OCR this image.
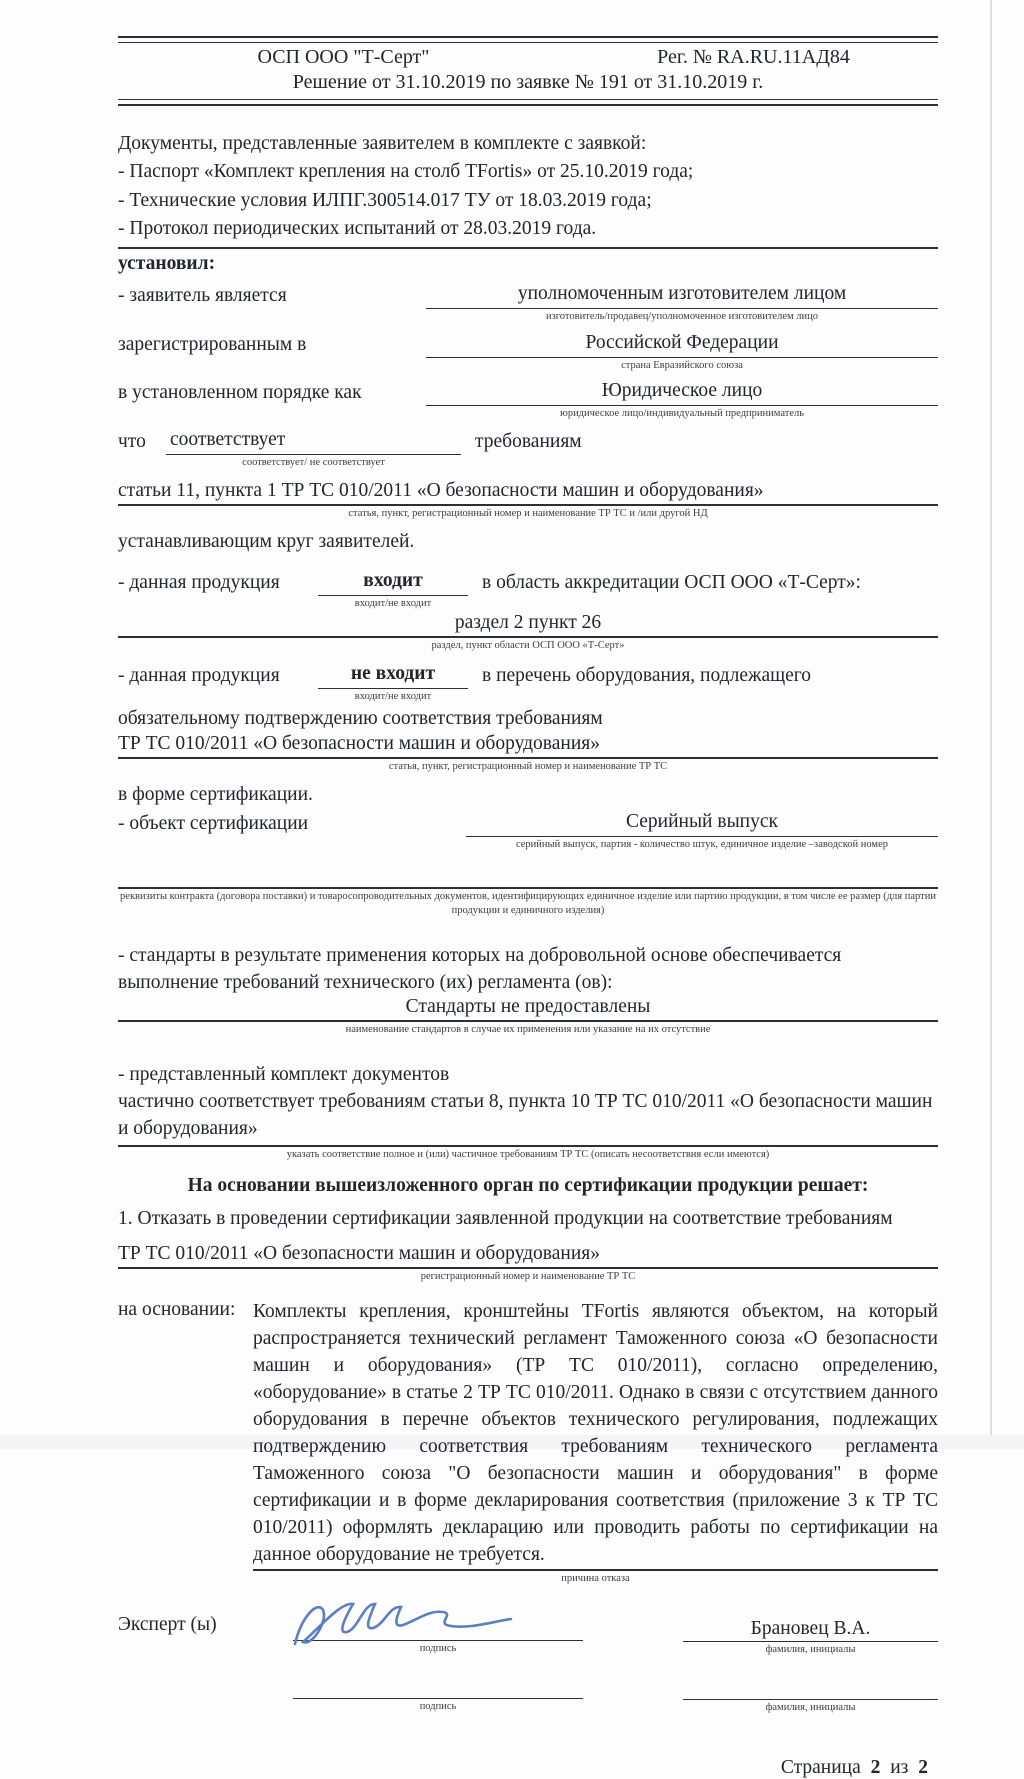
ОСП ООО "Т-Серт"	Рег. № RA.RU.11АД84
Решение от 31.10.2019 по заявке № 191 от 31.10.2019 г.
Документы, представленные заявителем в комплекте с заявкой:
- Паспорт «Комплект крепления на столб TFortis» от 25.10.2019 года;
- Технические условия ИЛПГ.300514.017 ТУ от 18.03.2019 года;
- Протокол периодических испытаний от 28.03.2019 года.
установил:
- заявитель является	уполномоченным изготовителем лицом
изготовитель/продавец/уполномоченное изготовителем лицо
зарегистрированным в	Российской Федерации
страна Евразийского союза
в установленном порядке как	Юридическое лицо
юридическое лицо/индивидуальный предприниматель
что	соответствует
соответствует/ не соответствует
требованиям
статьи 11, пункта 1 ТР ТС 010/2011 «О безопасности машин и оборудования»
статья, пункт, регистрационный номер и наименование ТР ТС и /или другой НД
устанавливающим круг заявителей.
- данная продукция	входит
входит/не входит
в область аккредитации ОСП ООО «Т-Серт»:
раздел 2 пункт 26
раздел, пункт области ОСП ООО «Т-Серт»
- данная продукция	не входит
входит/не входит
в перечень оборудования, подлежащего
обязательному подтверждению соответствия требованиям
ТР ТС 010/2011 «О безопасности машин и оборудования»
статья, пункт, регистрационный номер и наименование ТР ТС
в форме сертификации.
- объект сертификации	Серийный выпуск
серийный выпуск, партия - количество штук, единичное изделие –заводской номер
реквизиты контракта (договора поставки) и товаросопроводительных документов, идентифицирующих единичное изделие или партию продукции, в том числе ее размер (для партии продукции и единичного изделия)
- стандарты в результате применения которых на добровольной основе обеспечивается выполнение требований технического (их) регламента (ов):
Стандарты не предоставлены
наименование стандартов в случае их применения или указание на их отсутствие
- представленный комплект документов
частично соответствует требованиям статьи 8, пункта 10 ТР ТС 010/2011 «О безопасности машин и оборудования»
указать соответствие полное и (или) частичное требованиям ТР ТС (описать несоответствия если имеются)
На основании вышеизложенного орган по сертификации продукции решает:
1. Отказать в проведении сертификации заявленной продукции на соответствие требованиям
ТР ТС 010/2011 «О безопасности машин и оборудования»
регистрационный номер и наименование ТР ТС
на основании: Комплекты крепления, кронштейны TFortis являются объектом, на который распространяется технический регламент Таможенного союза «О безопасности машин и оборудования» (ТР ТС 010/2011), согласно определению, «оборудование» в статье 2 ТР ТС 010/2011. Однако в связи с отсутствием данного оборудования в перечне объектов технического регулирования, подлежащих подтверждению соответствия требованиям технического регламента Таможенного союза "О безопасности машин и оборудования" в форме сертификации и в форме декларирования соответствия (приложение 3 к ТР ТС 010/2011) оформлять декларацию или проводить работы по сертификации на данное оборудование не требуется.
причина отказа
Эксперт (ы)
подпись
Брановец В.А.
фамилия, инициалы
подпись	фамилия, инициалы
Страница 2 из 2
